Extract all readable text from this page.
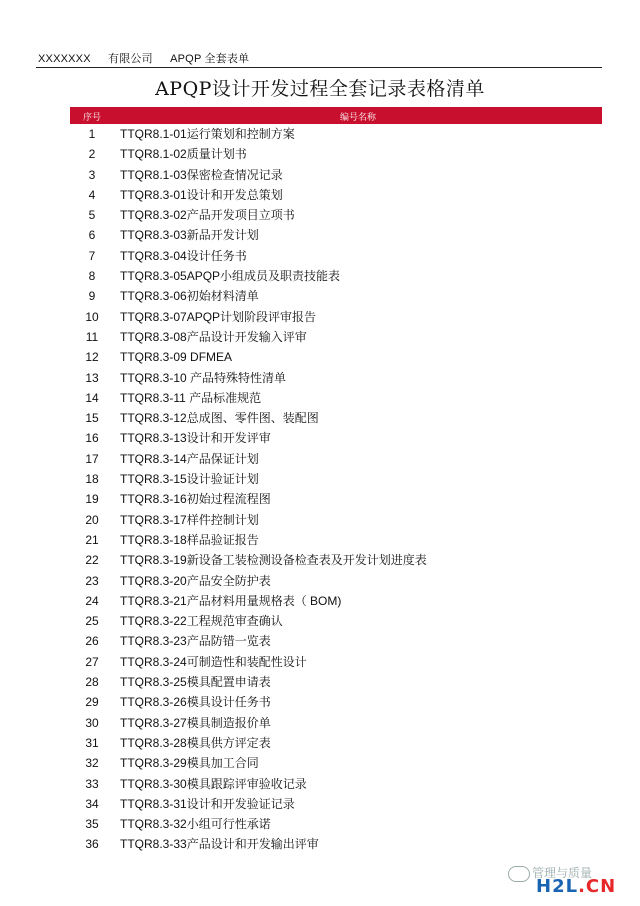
XXXXXXX 有限公司 APQP 全套表单
APQP设计开发过程全套记录表格清单
序号	编号名称
1	TTQR8.1-01运行策划和控制方案
2	TTQR8.1-02质量计划书
3	TTQR8.1-03保密检查情况记录
4	TTQR8.3-01设计和开发总策划
5	TTQR8.3-02产品开发项目立项书
6	TTQR8.3-03新品开发计划
7	TTQR8.3-04设计任务书
8	TTQR8.3-05APQP小组成员及职责技能表
9	TTQR8.3-06初始材料清单
10	TTQR8.3-07APQP计划阶段评审报告
11	TTQR8.3-08产品设计开发输入评审
12	TTQR8.3-09 DFMEA
13	TTQR8.3-10 产品特殊特性清单
14	TTQR8.3-11 产品标准规范
15	TTQR8.3-12总成图、零件图、装配图
16	TTQR8.3-13设计和开发评审
17	TTQR8.3-14产品保证计划
18	TTQR8.3-15设计验证计划
19	TTQR8.3-16初始过程流程图
20	TTQR8.3-17样件控制计划
21	TTQR8.3-18样品验证报告
22	TTQR8.3-19新设备工装检测设备检查表及开发计划进度表
23	TTQR8.3-20产品安全防护表
24	TTQR8.3-21产品材料用量规格表（ BOM)
25	TTQR8.3-22工程规范审查确认
26	TTQR8.3-23产品防错一览表
27	TTQR8.3-24可制造性和装配性设计
28	TTQR8.3-25模具配置申请表
29	TTQR8.3-26模具设计任务书
30	TTQR8.3-27模具制造报价单
31	TTQR8.3-28模具供方评定表
32	TTQR8.3-29模具加工合同
33	TTQR8.3-30模具跟踪评审验收记录
34	TTQR8.3-31设计和开发验证记录
35	TTQR8.3-32小组可行性承诺
36	TTQR8.3-33产品设计和开发输出评审
管理与质量
H2L.CN
